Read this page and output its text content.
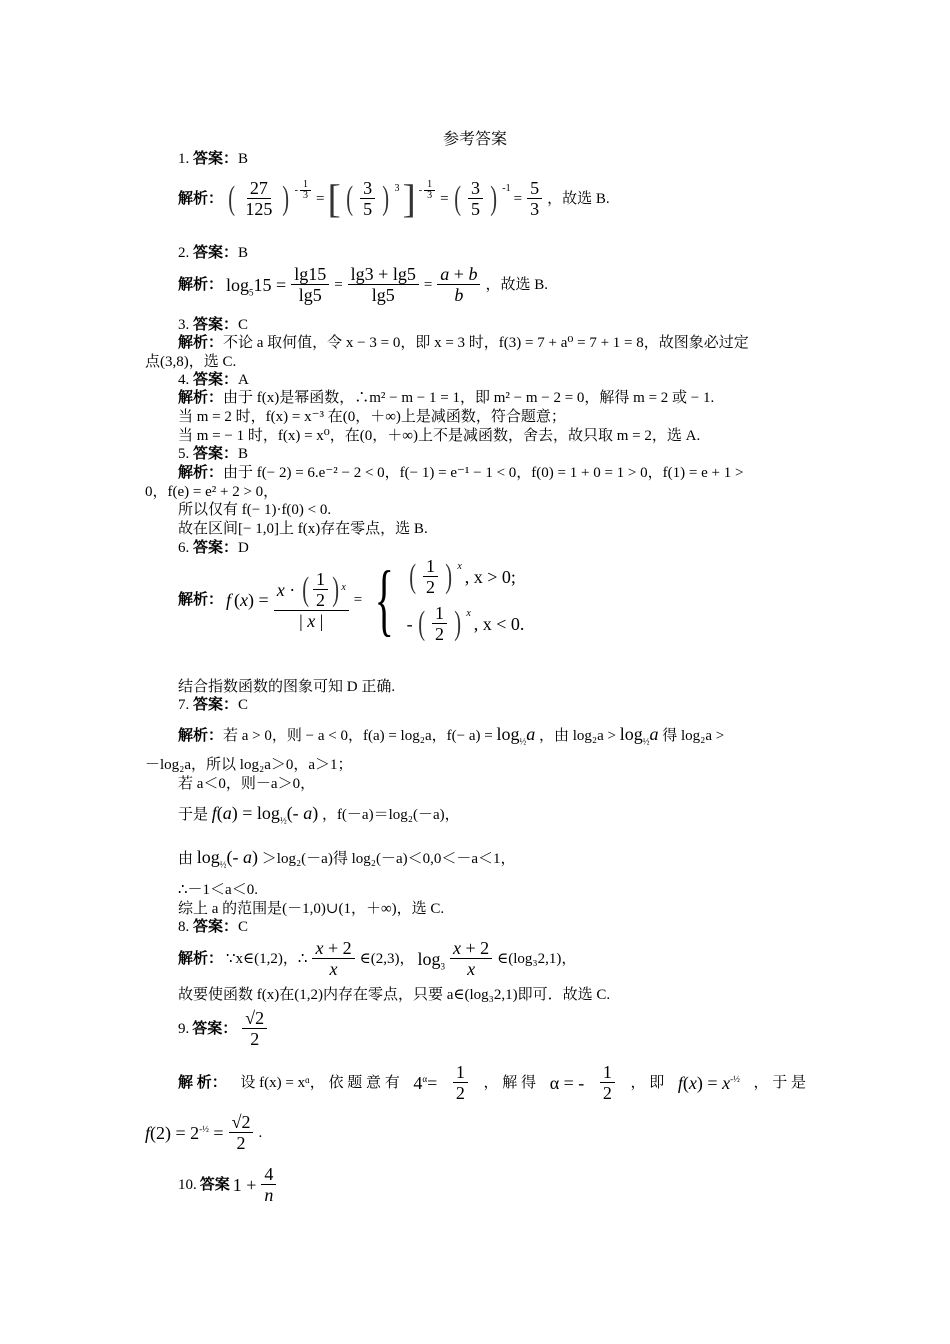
参考答案
1. 答案：B
解析： ( $\frac{27}{125}$ ) - $\frac{1}{3}$ = [ ( $\frac{3}{5}$ ) 3 ] - $\frac{1}{3}$ = ( $\frac{3}{5}$ ) -1
= $\frac{5}{3}$ ，故选 B.
2. 答案：B
解析： $\log_515 = \frac{\lg 15}{\lg 5} = \frac{\lg 3 + \lg 5}{\lg 5} = \frac{a + b}{b}$ ，故选 B.
3. 答案：C
解析：不论 a 取何值，令 x − 3 = 0，即 x = 3 时，f(3) = 7 + a⁰ = 7 + 1 = 8，故图象必过定
点(3,8)，选 C.
4. 答案：A
解析：由于 f(x)是幂函数，∴m² − m − 1 = 1，即 m² − m − 2 = 0，解得 m = 2 或 − 1.
当 m = 2 时，f(x) = x⁻³ 在(0，＋∞)上是减函数，符合题意；
当 m = − 1 时，f(x) = x⁰，在(0，＋∞)上不是减函数，舍去，故只取 m = 2，选 A.
5. 答案：B
解析：由于 f(− 2) = 6.e⁻² − 2 < 0，f(− 1) = e⁻¹ − 1 < 0，f(0) = 1 + 0 = 1 > 0，f(1) = e + 1 >
0，f(e) = e² + 2 > 0，
所以仅有 f(− 1)·f(0) < 0.
故在区间[− 1,0]上 f(x)存在零点，选 B.
6. 答案：D
解析： f $(x) = \frac{x \cdot ( \frac{1}{2} ) x}{| x |}$ = { ( $\frac{1}{2}$ ) x , x > 0;
- ( $\frac{1}{2}$ ) x , x < 0.
结合指数函数的图象可知 D 正确.
7. 答案：C
解析：若 a > 0，则 − a < 0，f(a) = log₂a，$f(- a) = \log_{\frac{1}{2}}a$ ，由 $\log_2a > \log_{\frac{1}{2}}a$ 得 log₂a >
－log₂a，所以 log₂a＞0，a＞1；
若 a＜0，则－a＞0，
于是 $f(a) = \log_{\frac{1}{2}}(-$ a) ，f(－a)＝log₂(－a)，
由 $\log_{\frac{1}{2}}(-$ a) ＞log₂(－a)得 log₂(－a)＜0,0＜－a＜1，
∴－1＜a＜0.
综上 a 的范围是(－1,0)∪(1，＋∞)，选 C.
8. 答案：C
解析： ∵x∈(1,2)，∴ $\frac{x + 2}{x}$ ∈(2,3)， $\log_3 \frac{x + 2}{x}$ ∈(log₃2,1)，
故要使函数 f(x)在(1,2)内存在零点，只要 a∈(log₃2,1)即可．故选 C.
9. 答案： $\frac{√2}{2}$
解 析： 设 f(x) = xᵅ， 依 题 意 有 $4^\alpha= \frac{1}{2}$ ， 解 得 α = - $\frac{1}{2}$ ， 即 $f(x) = x^{-\frac{1}{2}}$ ， 于 是
$f(2) = 2^{-\frac{1}{2}} = \frac{√2}{2}$ .
10. 答案 $1 + \frac{4}{n}$
